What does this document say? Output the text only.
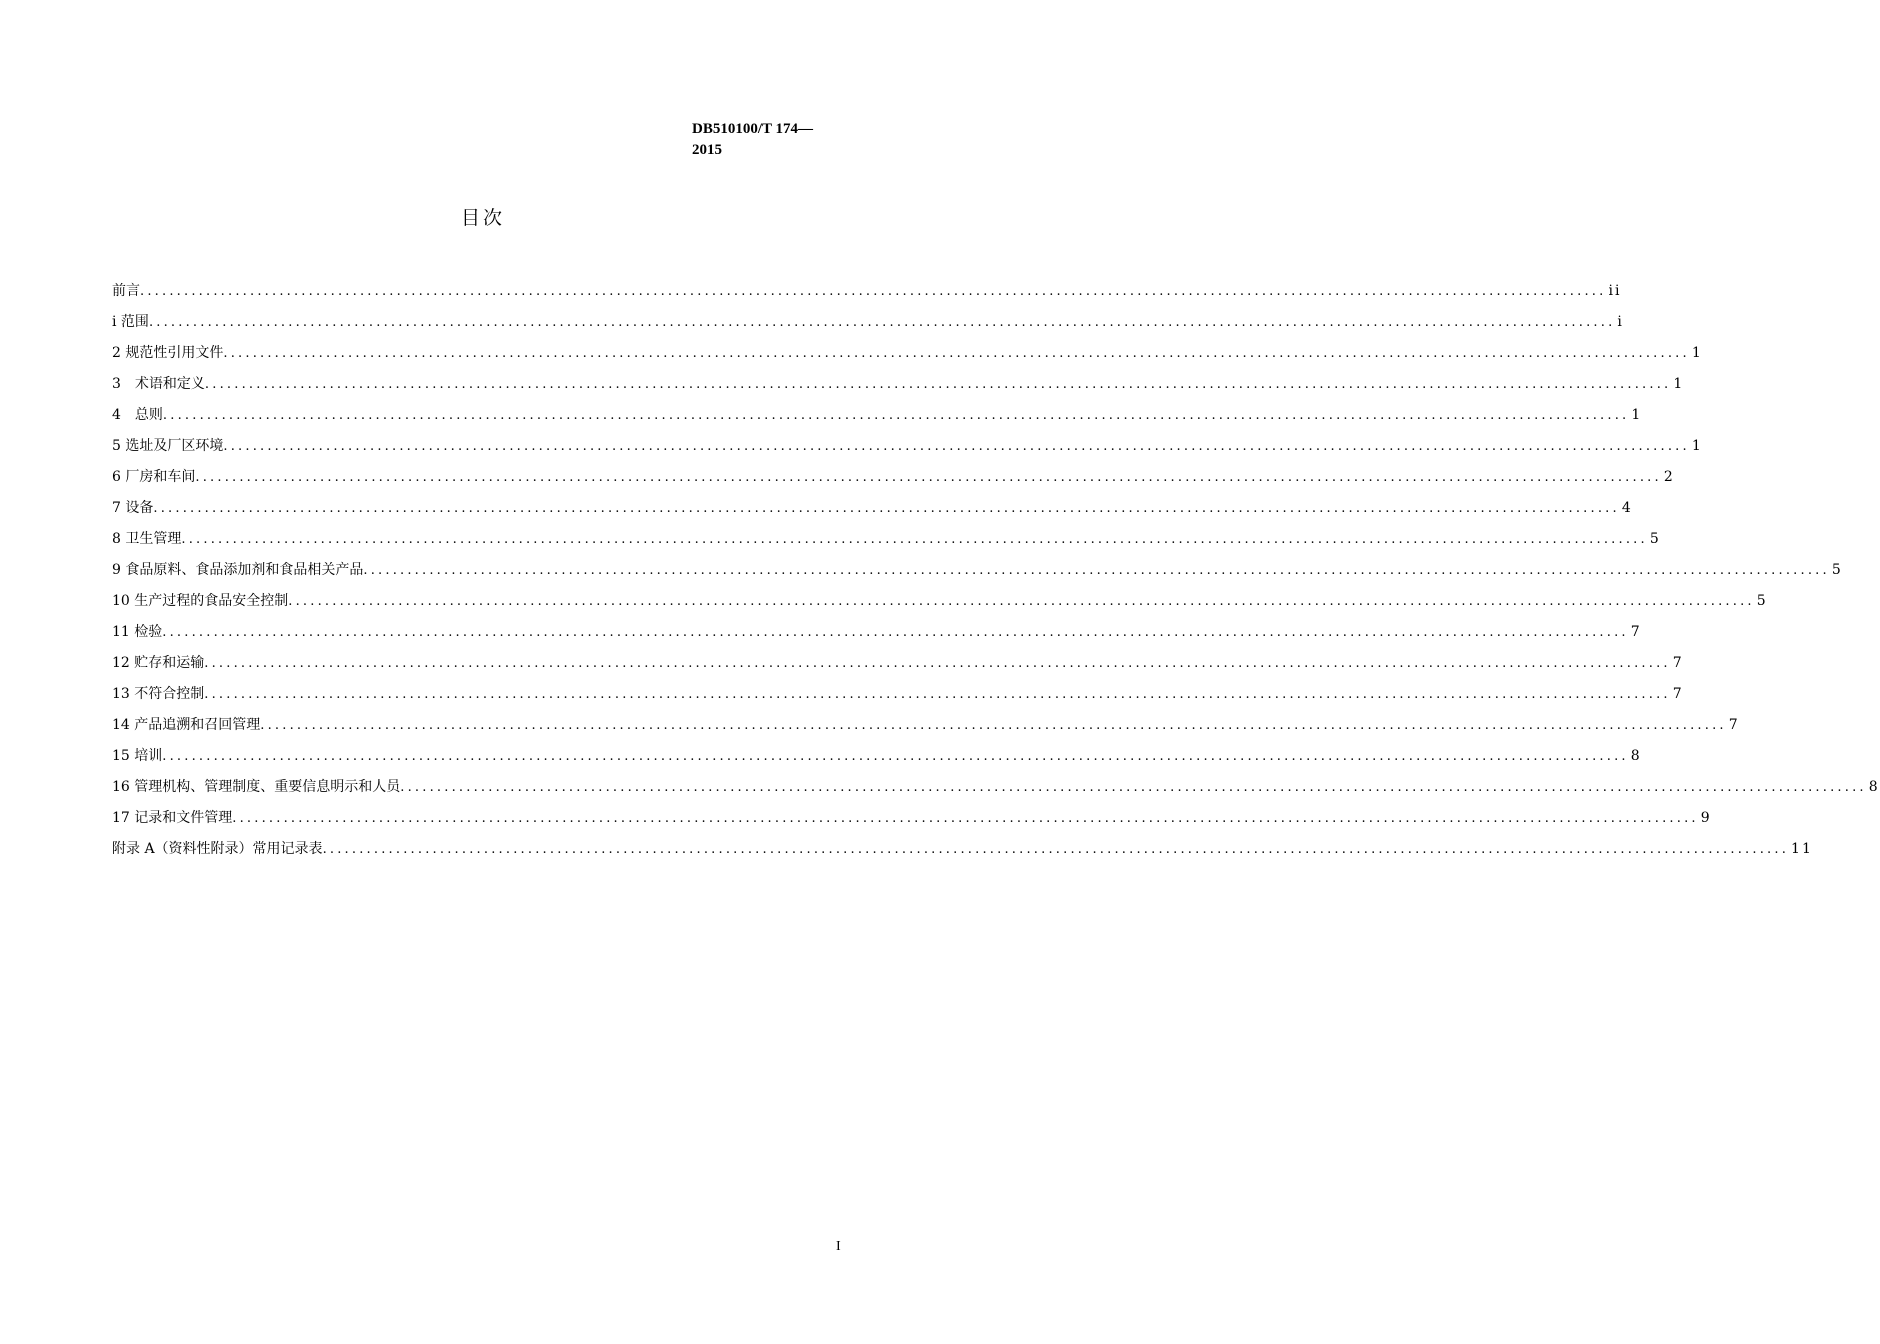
DB510100/T 174—
2015
目次
前言 ........................................................................................................................................................................................................ ii
i 范围 ........................................................................................................................................................................................................ i
2 规范性引用文件 ........................................................................................................................................................................................................ 1
3　术语和定义 ........................................................................................................................................................................................................ 1
4　总则 ........................................................................................................................................................................................................ 1
5 选址及厂区环境 ........................................................................................................................................................................................................ 1
6 厂房和车间 ........................................................................................................................................................................................................ 2
7 设备 ........................................................................................................................................................................................................ 4
8 卫生管理 ........................................................................................................................................................................................................ 5
9 食品原料、食品添加剂和食品相关产品 ........................................................................................................................................................................................................ 5
10 生产过程的食品安全控制 ........................................................................................................................................................................................................ 5
11 检验 ........................................................................................................................................................................................................ 7
12 贮存和运输 ........................................................................................................................................................................................................ 7
13 不符合控制 ........................................................................................................................................................................................................ 7
14 产品追溯和召回管理 ........................................................................................................................................................................................................ 7
15 培训 ........................................................................................................................................................................................................ 8
16 管理机构、管理制度、重要信息明示和人员 ........................................................................................................................................................................................................ 8
17 记录和文件管理 ........................................................................................................................................................................................................ 9
附录 A（资料性附录）常用记录表 ........................................................................................................................................................................................................ 11
I
